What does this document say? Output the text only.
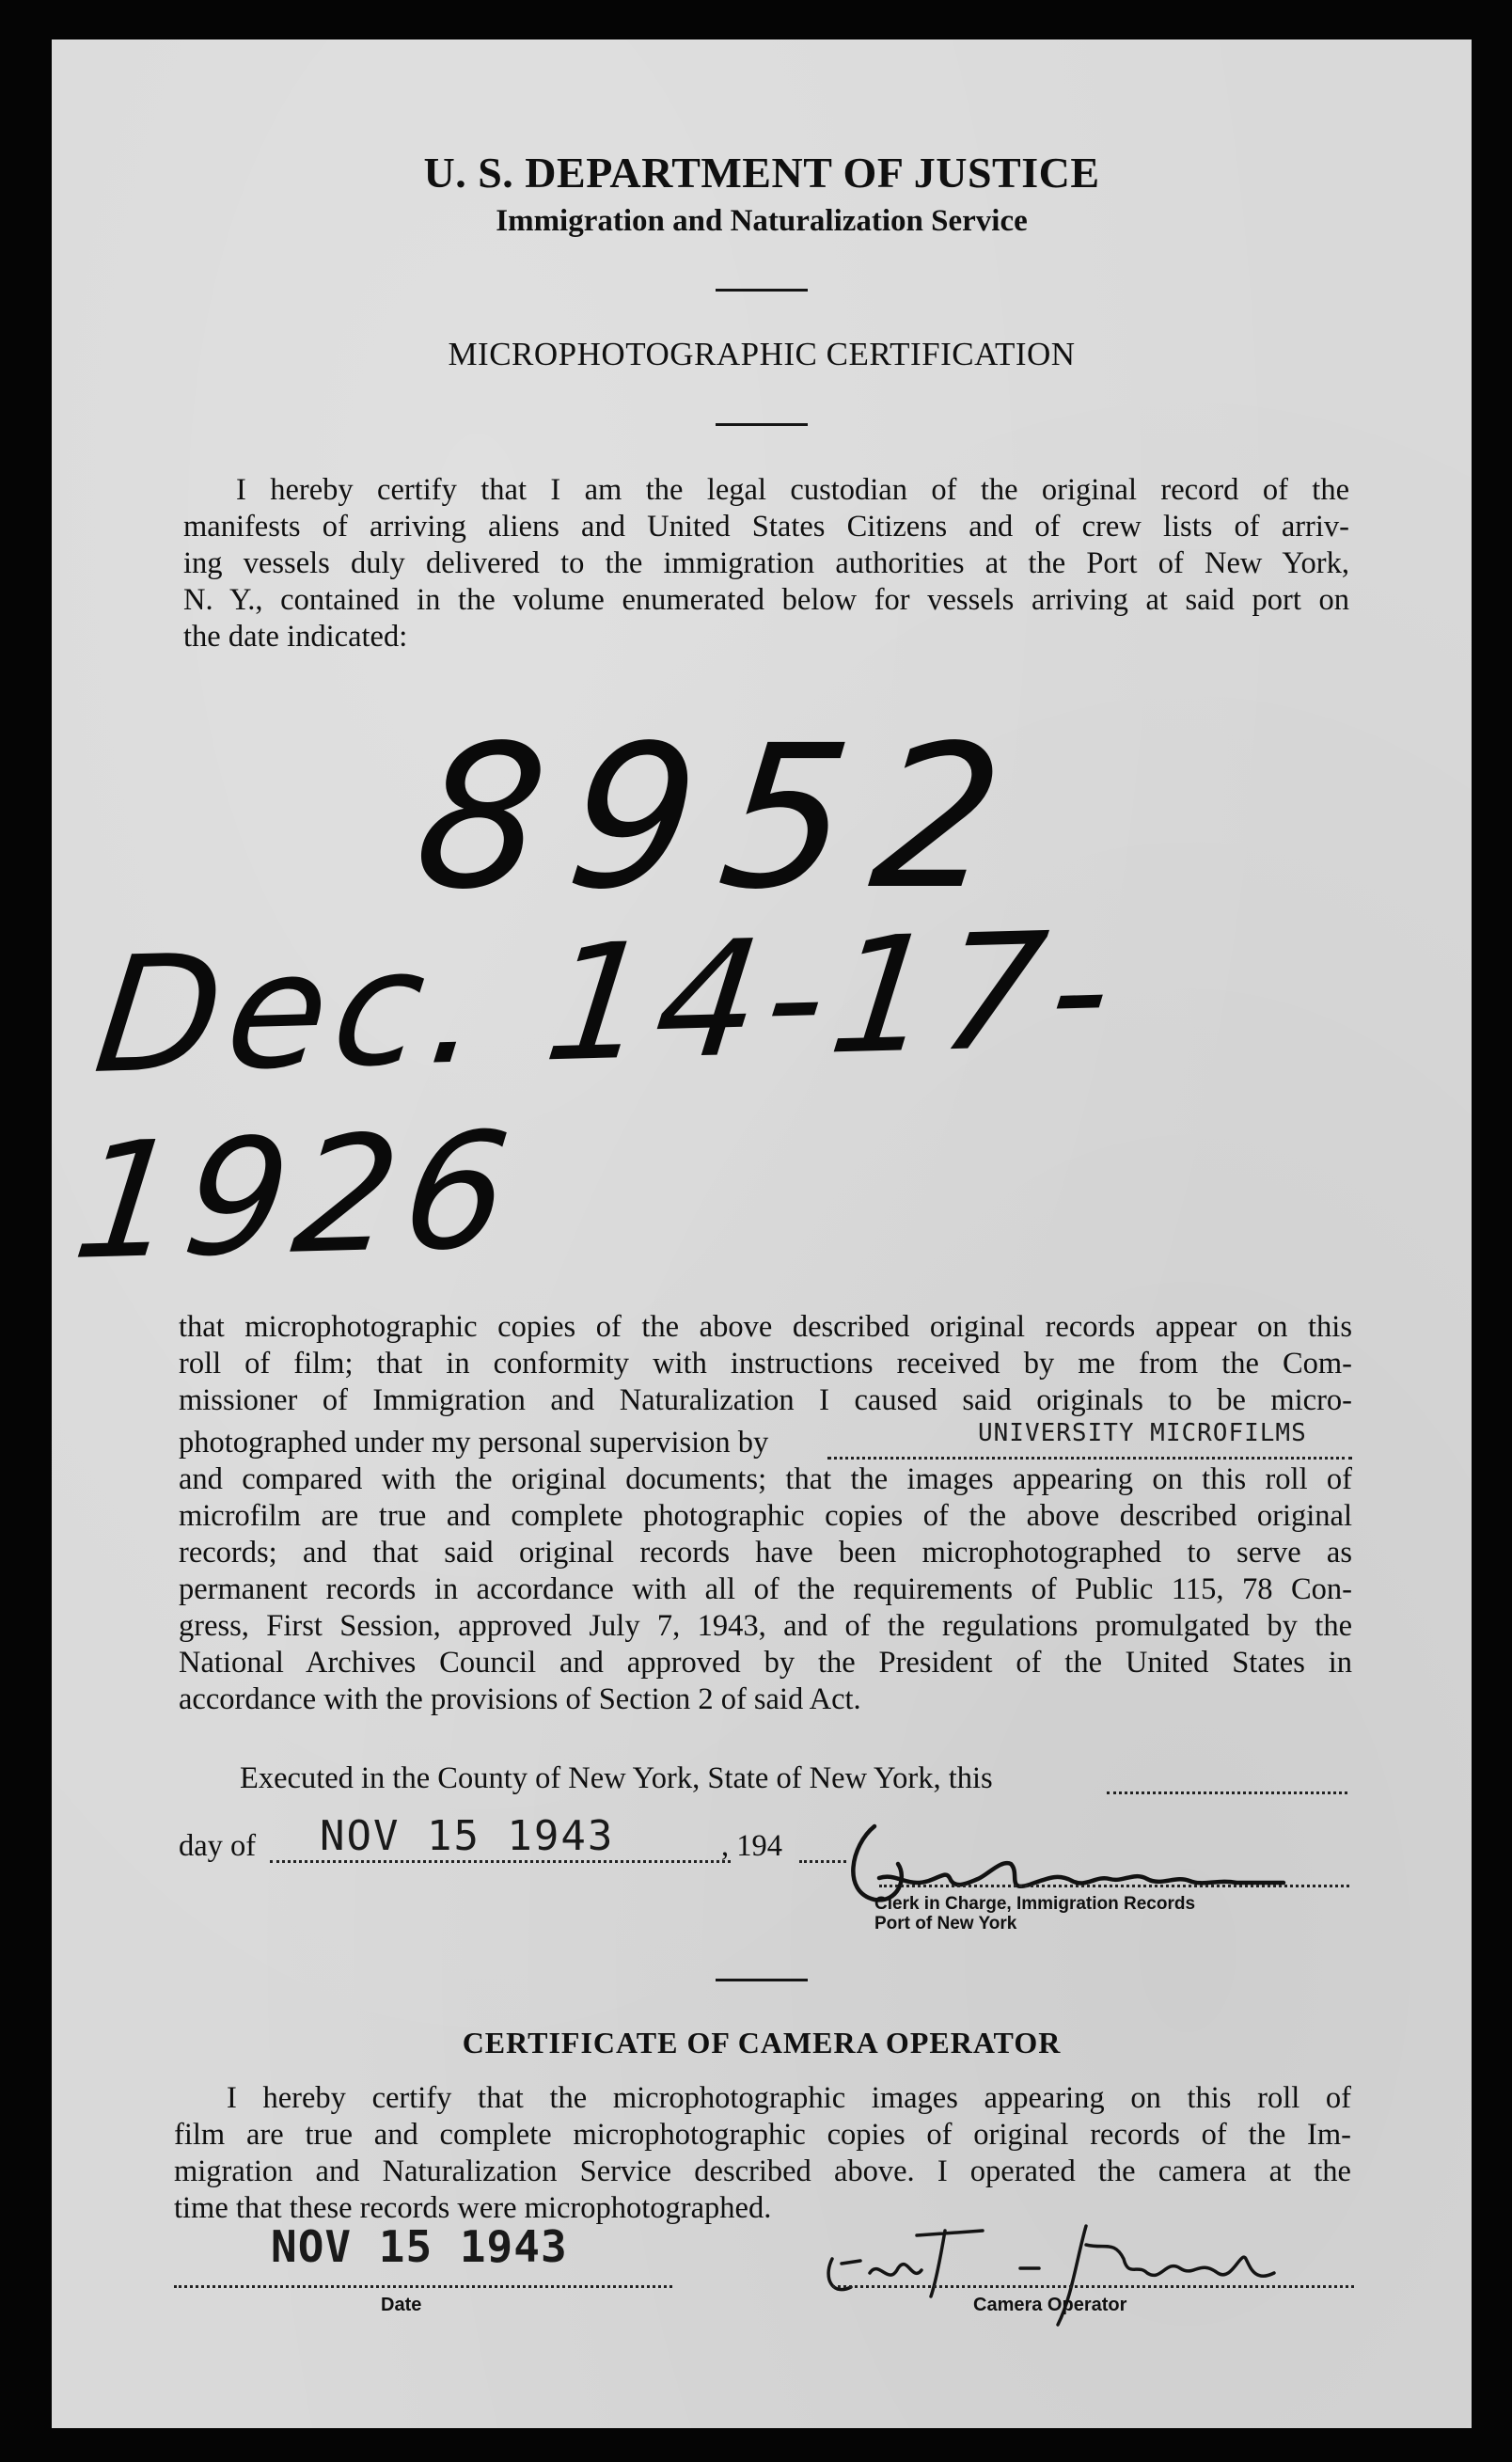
U. S. DEPARTMENT OF JUSTICE
Immigration and Naturalization Service
MICROPHOTOGRAPHIC CERTIFICATION
I hereby certify that I am the legal custodian of the original record of the
manifests of arriving aliens and United States Citizens and of crew lists of arriv-
ing vessels duly delivered to the immigration authorities at the Port of New York,
N. Y., contained in the volume enumerated below for vessels arriving at said port on
the date indicated:
8952
Dec. 14-17-1926
that microphotographic copies of the above described original records appear on this
roll of film; that in conformity with instructions received by me from the Com-
missioner of Immigration and Naturalization I caused said originals to be micro-
photographed under my personal supervision by	UNIVERSITY MICROFILMS
and compared with the original documents; that the images appearing on this roll of
microfilm are true and complete photographic copies of the above described original
records; and that said original records have been microphotographed to serve as
permanent records in accordance with all of the requirements of Public 115, 78 Con-
gress, First Session, approved July 7, 1943, and of the regulations promulgated by the
National Archives Council and approved by the President of the United States in
accordance with the provisions of Section 2 of said Act.
Executed in the County of New York, State of New York, this
day of NOV 15 1943	, 194
Clerk in Charge, Immigration Records
Port of New York
CERTIFICATE OF CAMERA OPERATOR
I hereby certify that the microphotographic images appearing on this roll of
film are true and complete microphotographic copies of original records of the Im-
migration and Naturalization Service described above. I operated the camera at the
time that these records were microphotographed.
NOV 15 1943
Date	Camera Operator
